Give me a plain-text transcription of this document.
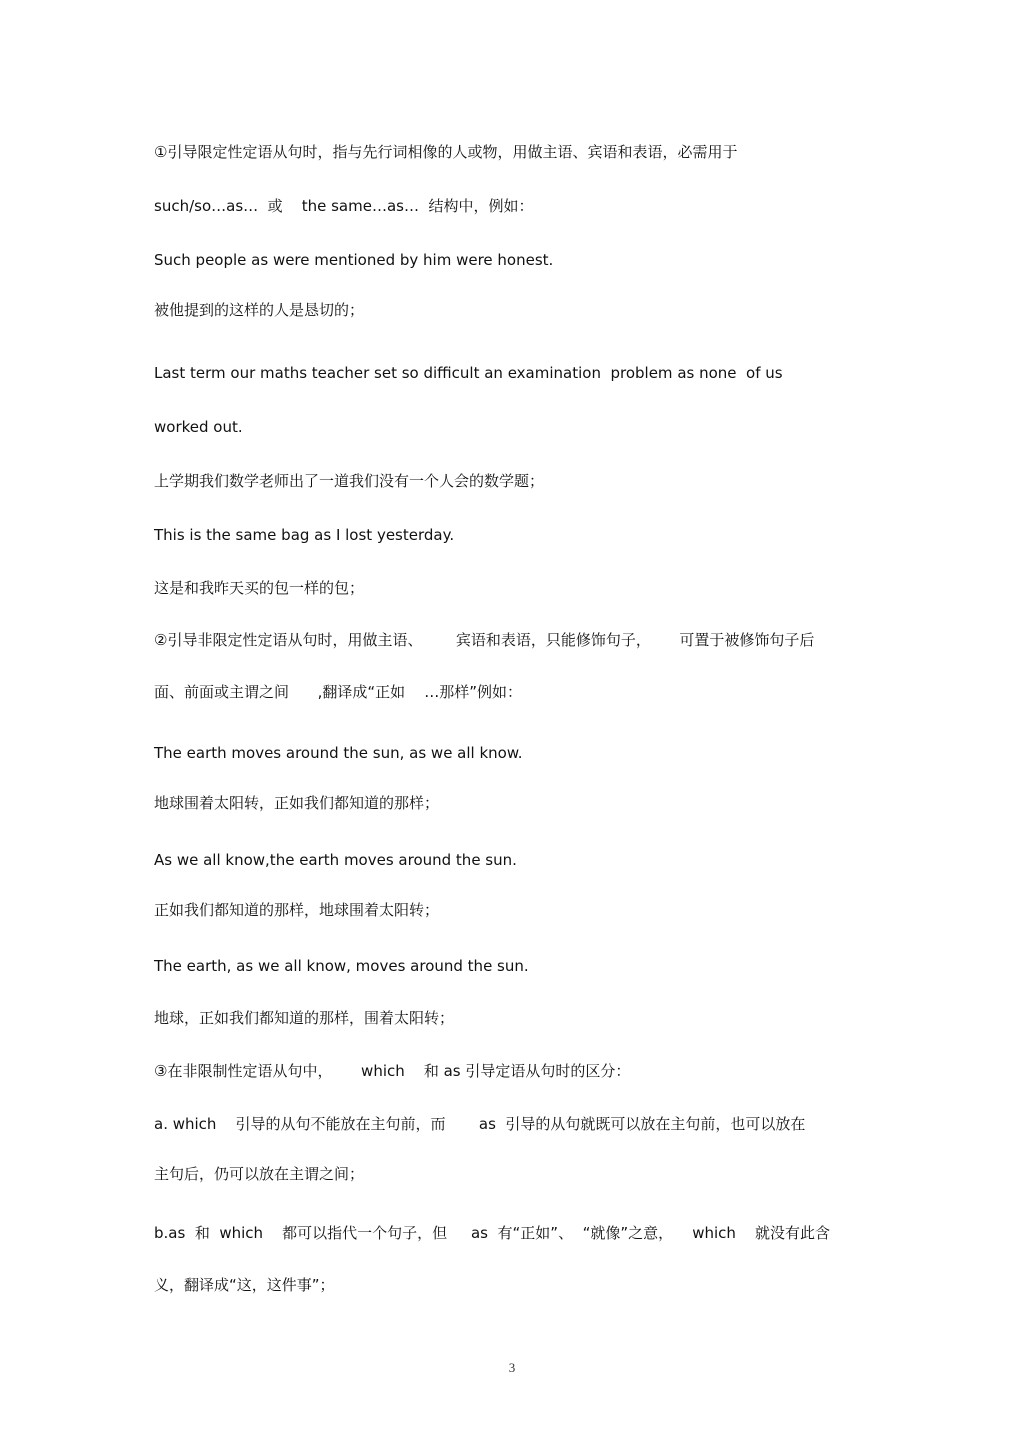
①引导限定性定语从句时，指与先行词相像的人或物，用做主语、宾语和表语，必需用于
such/so…as…  或    the same…as…  结构中，例如：
Such people as were mentioned by him were honest.
被他提到的这样的人是恳切的；
Last term our maths teacher set so difficult an examination  problem as none  of us
worked out.
上学期我们数学老师出了一道我们没有一个人会的数学题；
This is the same bag as I lost yesterday.
这是和我昨天买的包一样的包；
②引导非限定性定语从句时，用做主语、       宾语和表语，只能修饰句子，      可置于被修饰句子后
面、前面或主谓之间      ,翻译成“正如    …那样”例如：
The earth moves around the sun, as we all know.
地球围着太阳转，正如我们都知道的那样；
As we all know,the earth moves around the sun.
正如我们都知道的那样，地球围着太阳转；
The earth, as we all know, moves around the sun.
地球，正如我们都知道的那样，围着太阳转；
③在非限制性定语从句中，      which    和 as 引导定语从句时的区分：
a. which    引导的从句不能放在主句前，而       as  引导的从句就既可以放在主句前，也可以放在
主句后，仍可以放在主谓之间；
b.as  和  which    都可以指代一个句子，但     as  有“正如”、  “就像”之意，    which    就没有此含
义，翻译成“这，这件事”；
3
